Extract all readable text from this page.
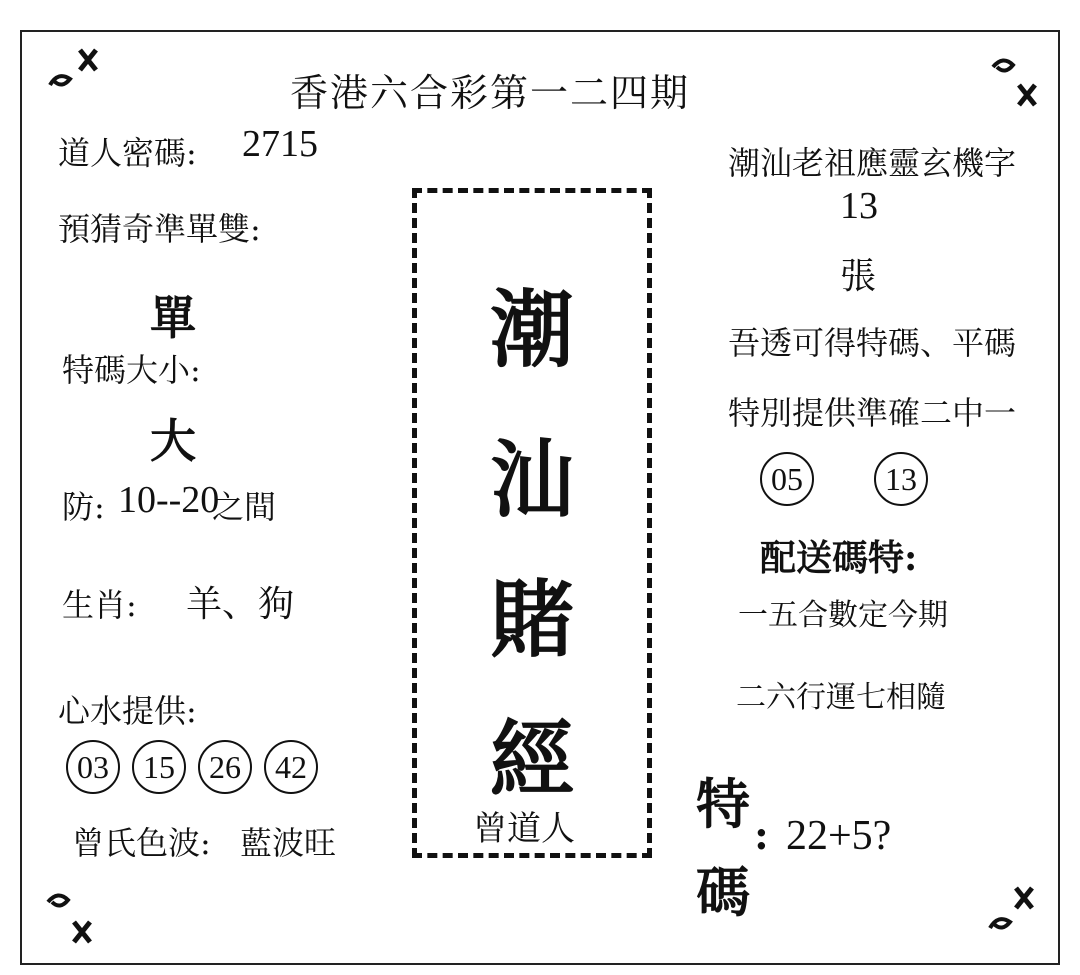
香港六合彩第一二四期
道人密碼: 2715
預猜奇準單雙:
單
特碼大小:
大
防: 10--20
之間
生肖: 羊、狗
心水提供:
03	15	26	42
曾氏色波: 藍波旺
潮
汕
賭
經
曾道人
潮汕老祖應靈玄機字
13
張
吾透可得特碼、平碼
特別提供準確二中一
05	13
配送碼特:
一五合數定今期
二六行運七相隨
特
碼
: 22+5?
